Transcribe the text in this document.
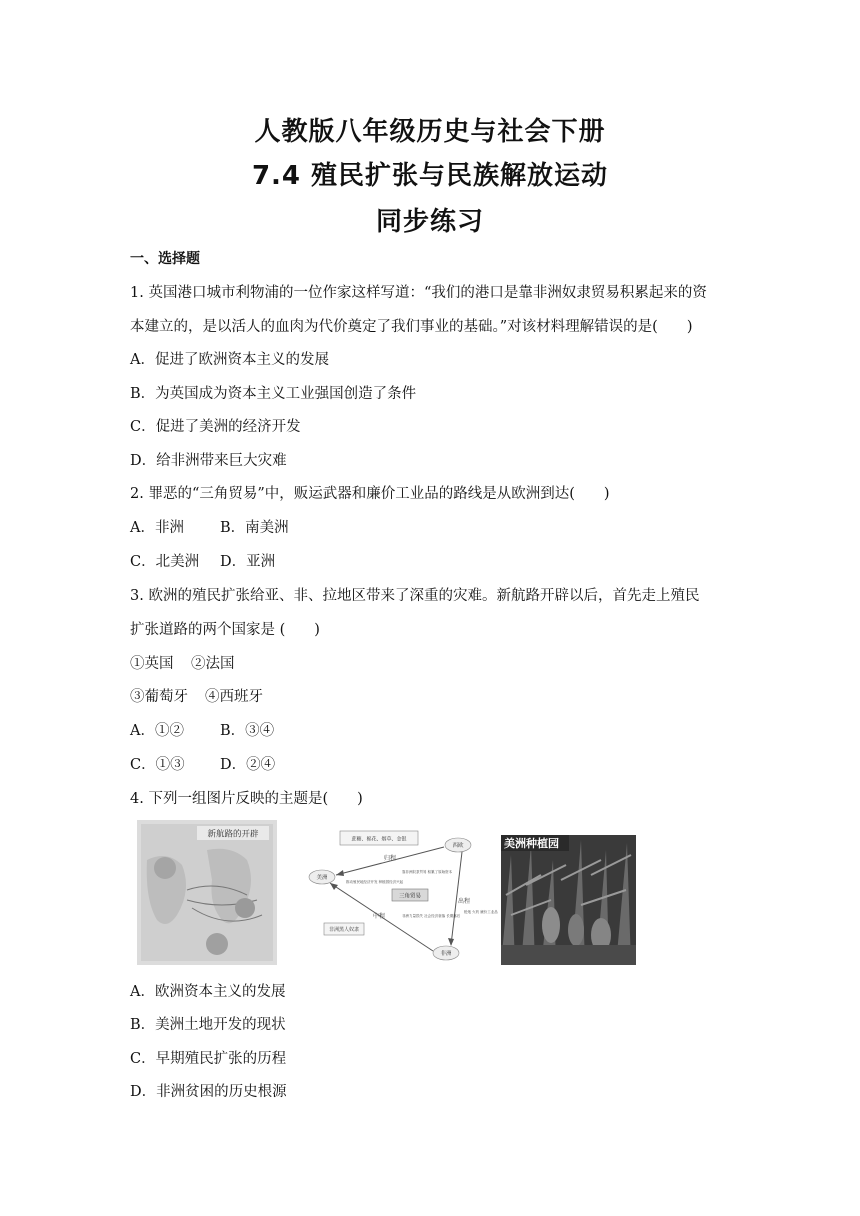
人教版八年级历史与社会下册
7.4 殖民扩张与民族解放运动
同步练习
一、选择题
1. 英国港口城市利物浦的一位作家这样写道：“我们的港口是靠非洲奴隶贸易积累起来的资
本建立的，是以活人的血肉为代价奠定了我们事业的基础。”对该材料理解错误的是(　　)
A．促进了欧洲资本主义的发展
B．为英国成为资本主义工业强国创造了条件
C．促进了美洲的经济开发
D．给非洲带来巨大灾难
2. 罪恶的“三角贸易”中，贩运武器和廉价工业品的路线是从欧洲到达(　　)
A．非洲 B．南美洲
C．北美洲 D．亚洲
3. 欧洲的殖民扩张给亚、非、拉地区带来了深重的灾难。新航路开辟以后，首先走上殖民
扩张道路的两个国家是 (　　)
①英国 ②法国
③葡萄牙 ④西班牙
A．①② B．③④
C．①③ D．②④
4. 下列一组图片反映的主题是(　　)
新航路的开辟	蔗糖、棉花、烟草、金银
西欧
美洲
非洲
归程
出程
中程
三角贸易
推动殖民地经济开发 种植园经济兴起
靠非洲奴隶贸易 积累了原始资本
非洲力量损失 社会经济衰落 长期落后
枪炮 火药 廉价工业品
非洲黑人奴隶
美洲种植园
A．欧洲资本主义的发展
B．美洲土地开发的现状
C．早期殖民扩张的历程
D．非洲贫困的历史根源
